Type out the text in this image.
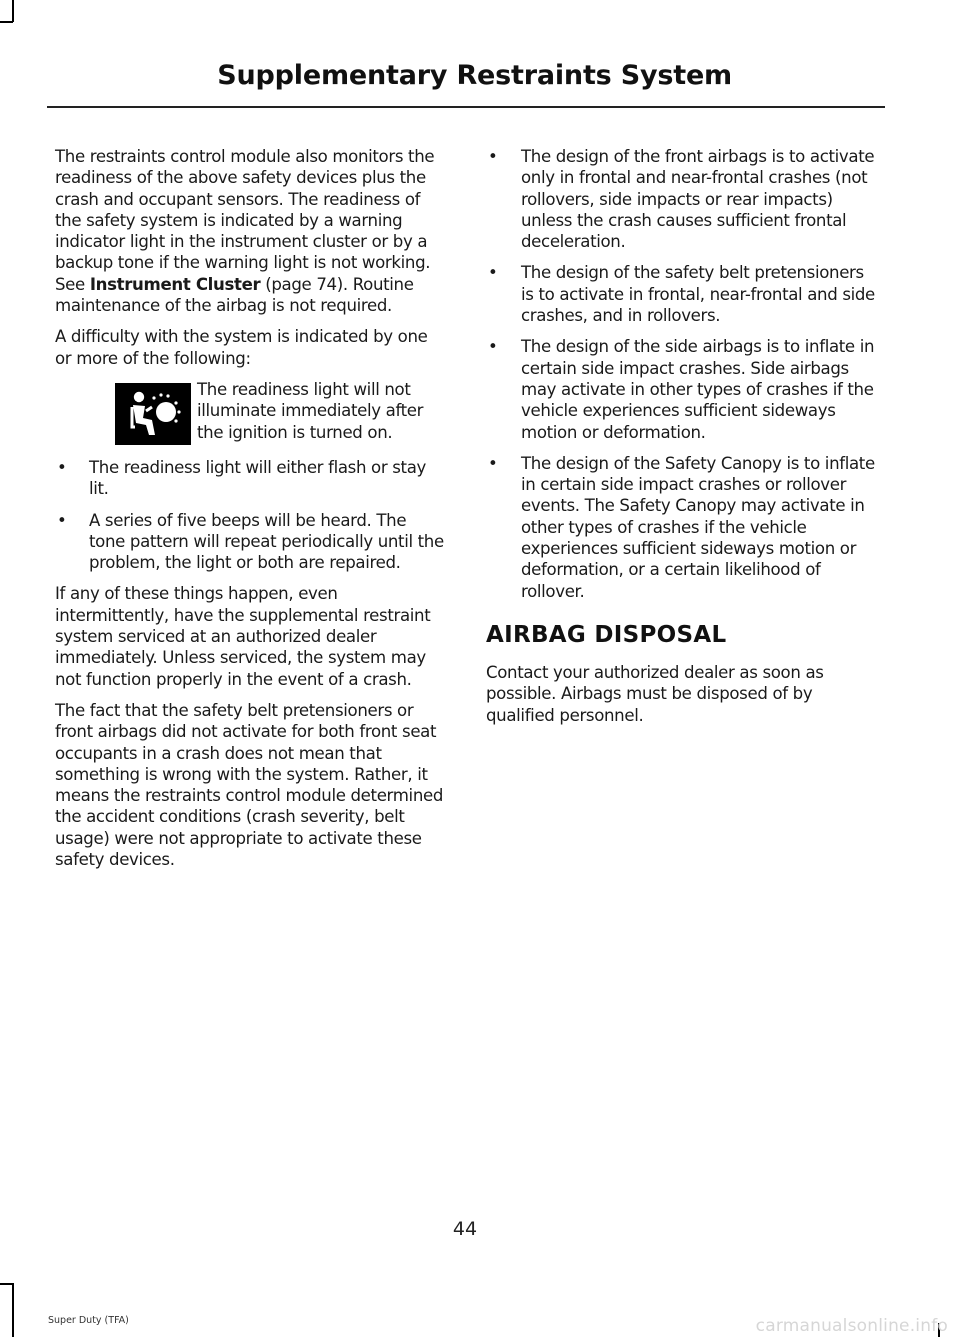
Supplementary Restraints System

The restraints control module also monitors the readiness of the above safety devices plus the crash and occupant sensors. The readiness of the safety system is indicated by a warning indicator light in the instrument cluster or by a backup tone if the warning light is not working. See Instrument Cluster (page 74). Routine maintenance of the airbag is not required.

A difficulty with the system is indicated by one or more of the following:

The readiness light will not illuminate immediately after the ignition is turned on.

• The readiness light will either flash or stay lit.
• A series of five beeps will be heard. The tone pattern will repeat periodically until the problem, the light or both are repaired.

If any of these things happen, even intermittently, have the supplemental restraint system serviced at an authorized dealer immediately. Unless serviced, the system may not function properly in the event of a crash.

The fact that the safety belt pretensioners or front airbags did not activate for both front seat occupants in a crash does not mean that something is wrong with the system. Rather, it means the restraints control module determined the accident conditions (crash severity, belt usage) were not appropriate to activate these safety devices.

• The design of the front airbags is to activate only in frontal and near-frontal crashes (not rollovers, side impacts or rear impacts) unless the crash causes sufficient frontal deceleration.
• The design of the safety belt pretensioners is to activate in frontal, near-frontal and side crashes, and in rollovers.
• The design of the side airbags is to inflate in certain side impact crashes. Side airbags may activate in other types of crashes if the vehicle experiences sufficient sideways motion or deformation.
• The design of the Safety Canopy is to inflate in certain side impact crashes or rollover events. The Safety Canopy may activate in other types of crashes if the vehicle experiences sufficient sideways motion or deformation, or a certain likelihood of rollover.
AIRBAG DISPOSAL

Contact your authorized dealer as soon as possible. Airbags must be disposed of by qualified personnel.

44
Super Duty (TFA)	carmanualsonline.info
